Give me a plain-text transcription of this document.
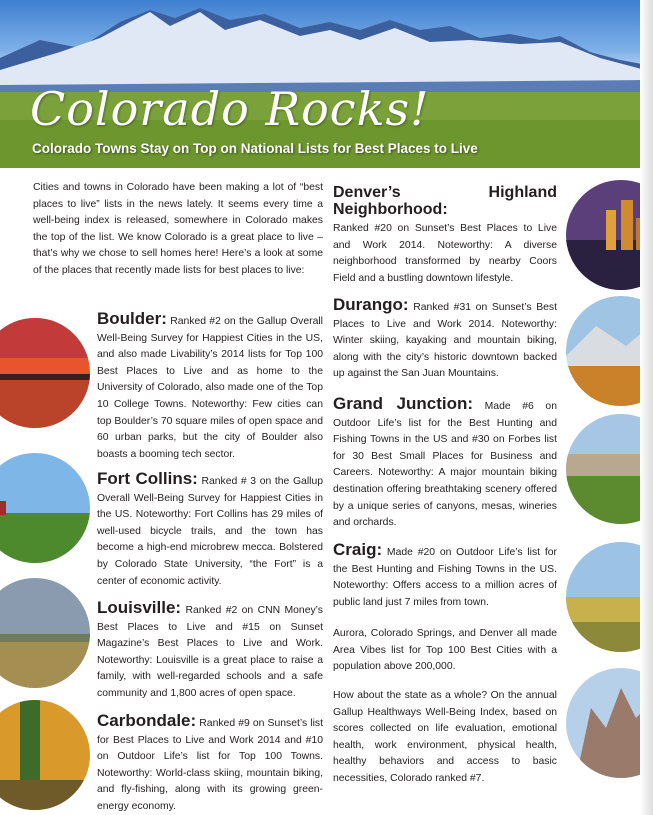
Colorado Rocks!
Colorado Towns Stay on Top on National Lists for Best Places to Live
Cities and towns in Colorado have been making a lot of “best places to live” lists in the news lately. It seems every time a well-being index is released, somewhere in Colorado makes the top of the list. We know Colorado is a great place to live – that’s why we chose to sell homes here! Here’s a look at some of the places that recently made lists for best places to live:
Boulder: Ranked #2 on the Gallup Overall Well-Being Survey for Happiest Cities in the US, and also made Livability’s 2014 lists for Top 100 Best Places to Live and as home to the University of Colorado, also made one of the Top 10 College Towns. Noteworthy: Few cities can top Boulder’s 70 square miles of open space and 60 urban parks, but the city of Boulder also boasts a booming tech sector.
Fort Collins: Ranked # 3 on the Gallup Overall Well-Being Survey for Happiest Cities in the US. Noteworthy: Fort Collins has 29 miles of well-used bicycle trails, and the town has become a high-end microbrew mecca. Bolstered by Colorado State University, “the Fort” is a center of economic activity.
Louisville: Ranked #2 on CNN Money’s Best Places to Live and #15 on Sunset Magazine’s Best Places to Live and Work. Noteworthy: Louisville is a great place to raise a family, with well-regarded schools and a safe community and 1,800 acres of open space.
Carbondale: Ranked #9 on Sunset’s list for Best Places to Live and Work 2014 and #10 on Outdoor Life’s list for Top 100 Towns. Noteworthy: World-class skiing, mountain biking, and fly-fishing, along with its growing green-energy economy.
Denver’s Highland Neighborhood:
Ranked #20 on Sunset’s Best Places to Live and Work 2014. Noteworthy: A diverse neighborhood transformed by nearby Coors Field and a bustling downtown lifestyle.
Durango: Ranked #31 on Sunset’s Best Places to Live and Work 2014. Noteworthy: Winter skiing, kayaking and mountain biking, along with the city’s historic downtown backed up against the San Juan Mountains.
Grand Junction: Made #6 on Outdoor Life’s list for the Best Hunting and Fishing Towns in the US and #30 on Forbes list for 30 Best Small Places for Business and Careers. Noteworthy: A major mountain biking destination offering breathtaking scenery offered by a unique series of canyons, mesas, wineries and orchards.
Craig: Made #20 on Outdoor Life’s list for the Best Hunting and Fishing Towns in the US. Noteworthy: Offers access to a million acres of public land just 7 miles from town.
Aurora, Colorado Springs, and Denver all made Area Vibes list for Top 100 Best Cities with a population above 200,000.
How about the state as a whole? On the annual Gallup Healthways Well-Being Index, based on scores collected on life evaluation, emotional health, work environment, physical health, healthy behaviors and access to basic necessities, Colorado ranked #7.
